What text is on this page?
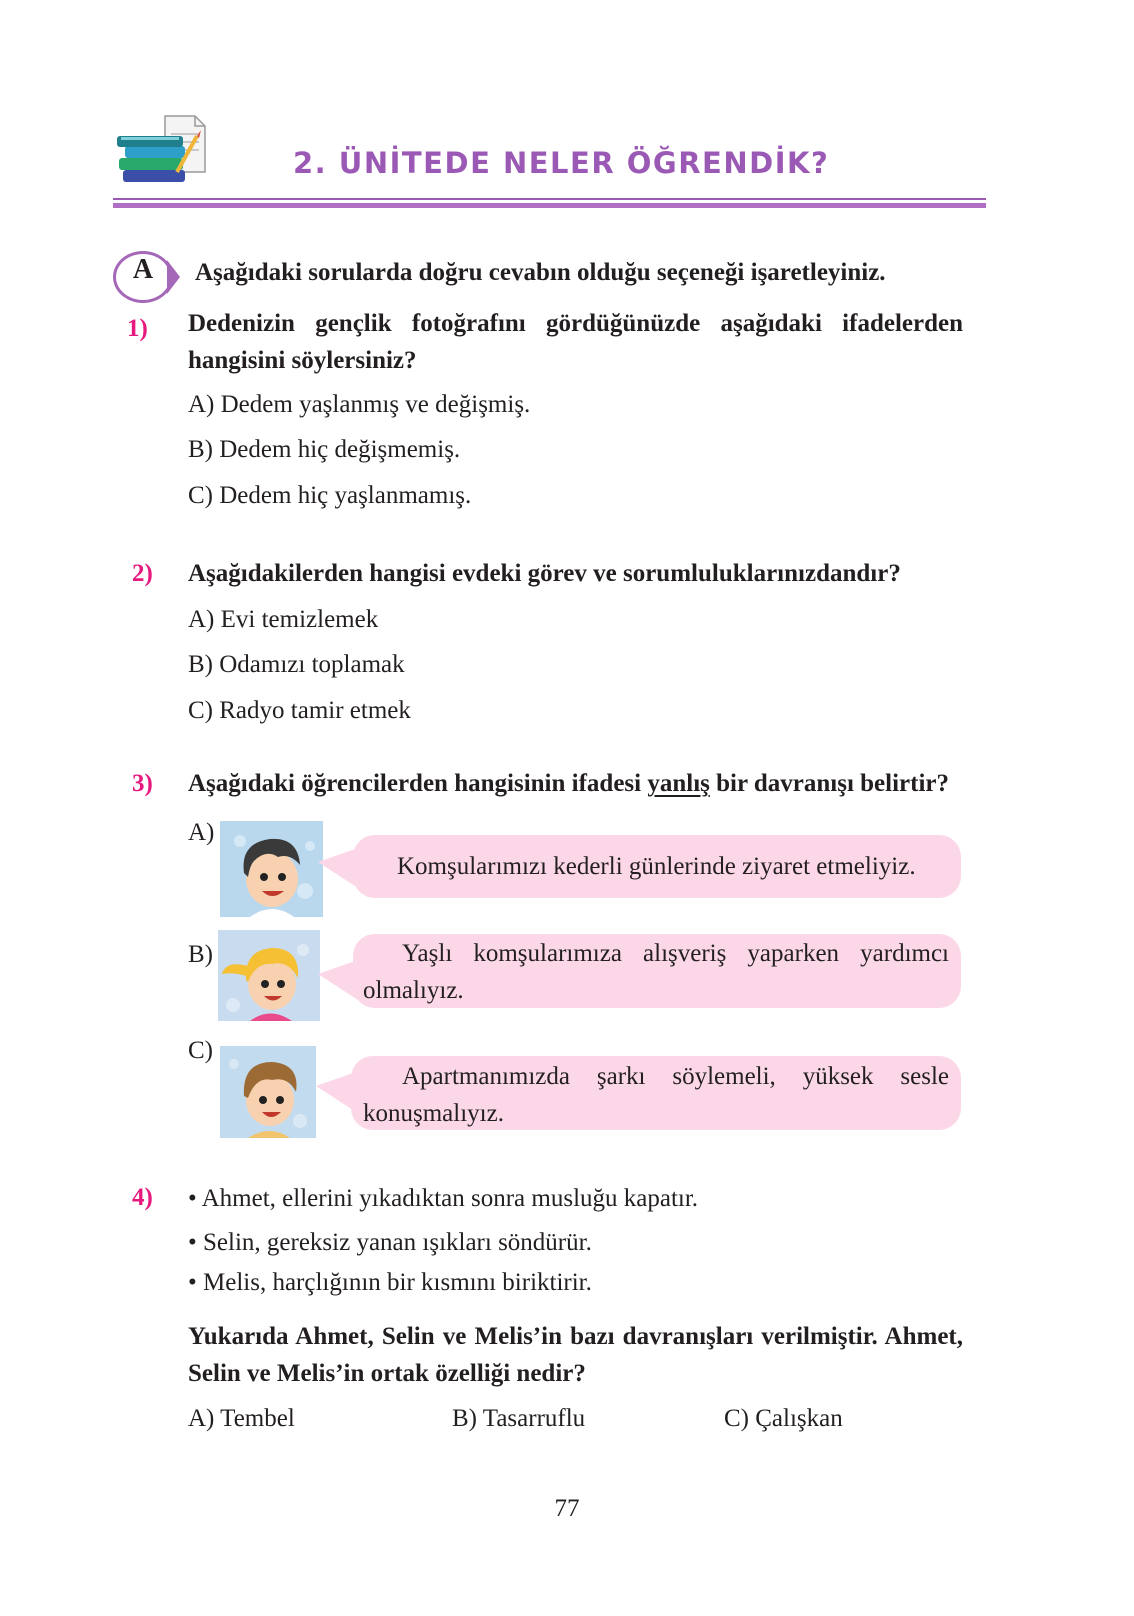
2. ÜNİTEDE NELER ÖĞRENDİK?
A	Aşağıdaki sorularda doğru cevabın olduğu seçeneği işaretleyiniz.
1) Dedenizin gençlik fotoğrafını gördüğünüzde aşağıdaki ifadelerden hangisini söylersiniz?
A) Dedem yaşlanmış ve değişmiş.
B) Dedem hiç değişmemiş.
C) Dedem hiç yaşlanmamış.
2) Aşağıdakilerden hangisi evdeki görev ve sorumluluklarınızdandır?
A) Evi temizlemek
B) Odamızı toplamak
C) Radyo tamir etmek
3) Aşağıdaki öğrencilerden hangisinin ifadesi yanlış bir davranışı belirtir?
A)
Komşularımızı kederli günlerinde ziyaret etmeliyiz.
B)	Yaşlı komşularımıza alışveriş yaparken yardımcı olmalıyız.
C)
Apartmanımızda şarkı söylemeli, yüksek sesle konuşmalıyız.
4) • Ahmet, ellerini yıkadıktan sonra musluğu kapatır.
• Selin, gereksiz yanan ışıkları söndürür.
• Melis, harçlığının bir kısmını biriktirir.
Yukarıda Ahmet, Selin ve Melis’in bazı davranışları verilmiştir. Ahmet, Selin ve Melis’in ortak özelliği nedir?
A) Tembel	B) Tasarruflu	C) Çalışkan
77
